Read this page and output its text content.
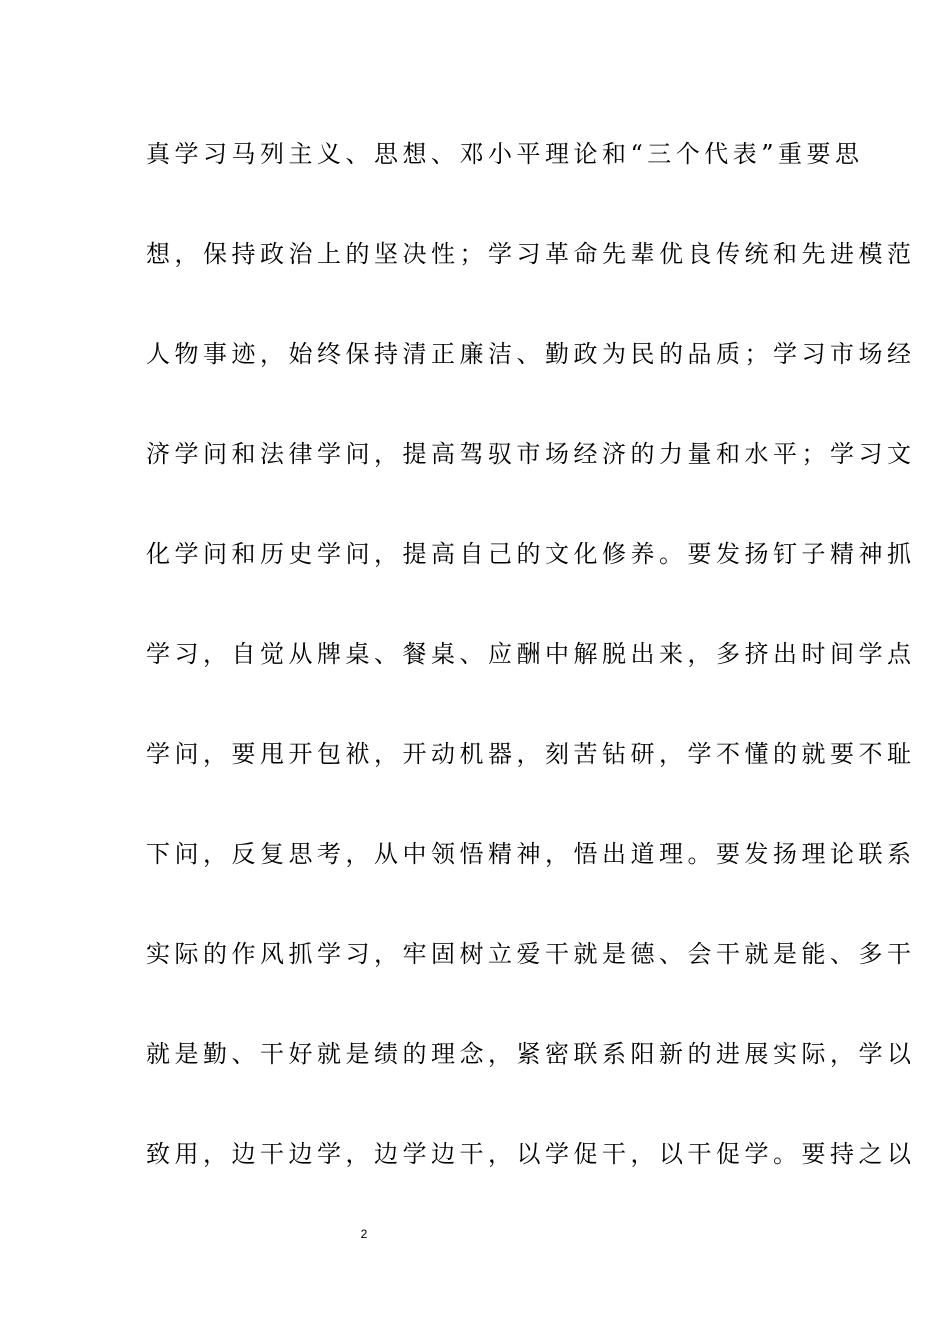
真学习马列主义、思想、邓小平理论和“三个代表”重要思
想，保持政治上的坚决性；学习革命先辈优良传统和先进模范
人物事迹，始终保持清正廉洁、勤政为民的品质；学习市场经
济学问和法律学问，提高驾驭市场经济的力量和水平；学习文
化学问和历史学问，提高自己的文化修养。要发扬钉子精神抓
学习，自觉从牌桌、餐桌、应酬中解脱出来，多挤出时间学点
学问，要甩开包袱，开动机器，刻苦钻研，学不懂的就要不耻
下问，反复思考，从中领悟精神，悟出道理。要发扬理论联系
实际的作风抓学习，牢固树立爱干就是德、会干就是能、多干
就是勤、干好就是绩的理念，紧密联系阳新的进展实际，学以
致用，边干边学，边学边干，以学促干，以干促学。要持之以
2
